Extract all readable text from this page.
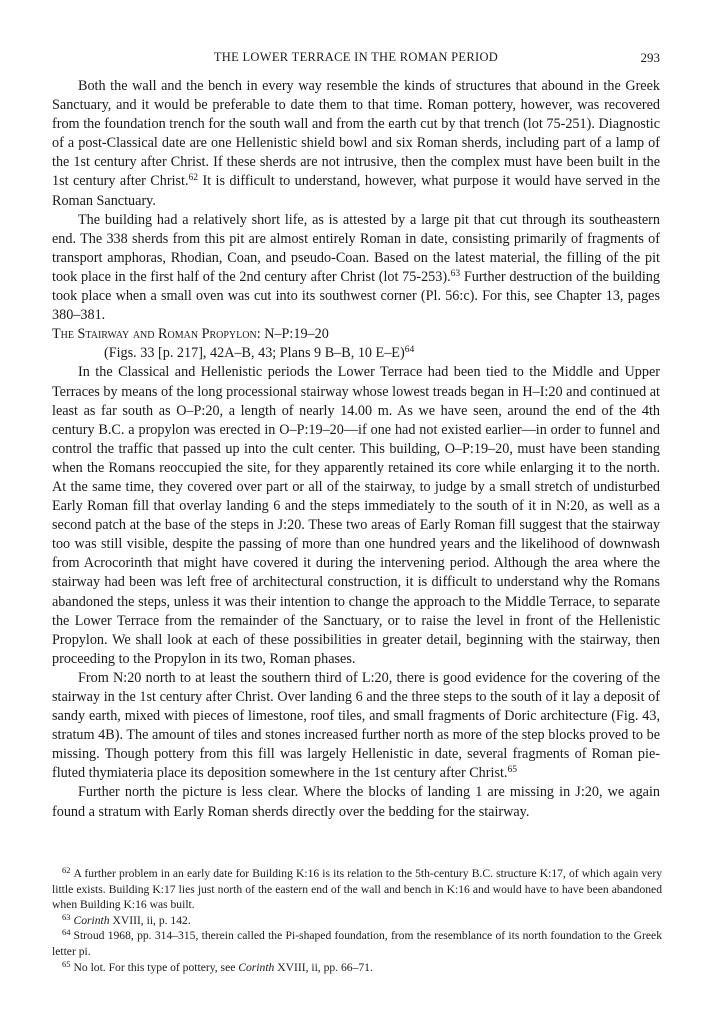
THE LOWER TERRACE IN THE ROMAN PERIOD	293

Both the wall and the bench in every way resemble the kinds of structures that abound in the Greek Sanctuary, and it would be preferable to date them to that time. Roman pottery, however, was recovered from the foundation trench for the south wall and from the earth cut by that trench (lot 75-251). Diagnostic of a post-Classical date are one Hellenistic shield bowl and six Roman sherds, including part of a lamp of the 1st century after Christ. If these sherds are not intrusive, then the complex must have been built in the 1st century after Christ.$^{62}$ It is difficult to understand, however, what purpose it would have served in the Roman Sanctuary.

The building had a relatively short life, as is attested by a large pit that cut through its southeastern end. The 338 sherds from this pit are almost entirely Roman in date, consisting primarily of fragments of transport amphoras, Rhodian, Coan, and pseudo-Coan. Based on the latest material, the filling of the pit took place in the first half of the 2nd century after Christ (lot 75-253).$^{63}$ Further destruction of the building took place when a small oven was cut into its southwest corner (Pl. 56:c). For this, see Chapter 13, pages 380–381.

The Stairway and Roman Propylon: N–P:19–20

(Figs. 33 [p. 217], 42A–B, 43; Plans 9 B–B, 10 E–E)$^{64}$

In the Classical and Hellenistic periods the Lower Terrace had been tied to the Middle and Upper Terraces by means of the long processional stairway whose lowest treads began in H–I:20 and continued at least as far south as O–P:20, a length of nearly 14.00 m. As we have seen, around the end of the 4th century B.C. a propylon was erected in O–P:19–20—if one had not existed earlier—in order to funnel and control the traffic that passed up into the cult center. This building, O–P:19–20, must have been standing when the Romans reoccupied the site, for they apparently retained its core while enlarging it to the north. At the same time, they covered over part or all of the stairway, to judge by a small stretch of undisturbed Early Roman fill that overlay landing 6 and the steps immediately to the south of it in N:20, as well as a second patch at the base of the steps in J:20. These two areas of Early Roman fill suggest that the stairway too was still visible, despite the passing of more than one hundred years and the likelihood of downwash from Acrocorinth that might have covered it during the intervening period. Although the area where the stairway had been was left free of architectural construction, it is difficult to understand why the Romans abandoned the steps, unless it was their intention to change the approach to the Middle Terrace, to separate the Lower Terrace from the remainder of the Sanctuary, or to raise the level in front of the Hellenistic Propylon. We shall look at each of these possibilities in greater detail, beginning with the stairway, then proceeding to the Propylon in its two, Roman phases.

From N:20 north to at least the southern third of L:20, there is good evidence for the covering of the stairway in the 1st century after Christ. Over landing 6 and the three steps to the south of it lay a deposit of sandy earth, mixed with pieces of limestone, roof tiles, and small fragments of Doric architecture (Fig. 43, stratum 4B). The amount of tiles and stones increased further north as more of the step blocks proved to be missing. Though pottery from this fill was largely Hellenistic in date, several fragments of Roman pie-fluted thymiateria place its deposition somewhere in the 1st century after Christ.$^{65}$

Further north the picture is less clear. Where the blocks of landing 1 are missing in J:20, we again found a stratum with Early Roman sherds directly over the bedding for the stairway.

$^{62}$ A further problem in an early date for Building K:16 is its relation to the 5th-century B.C. structure K:17, of which again very little exists. Building K:17 lies just north of the eastern end of the wall and bench in K:16 and would have to have been abandoned when Building K:16 was built.

$^{63}$ Corinth XVIII, ii, p. 142.

$^{64}$ Stroud 1968, pp. 314–315, therein called the Pi-shaped foundation, from the resemblance of its north foundation to the Greek letter pi.

$^{65}$ No lot. For this type of pottery, see Corinth XVIII, ii, pp. 66–71.
